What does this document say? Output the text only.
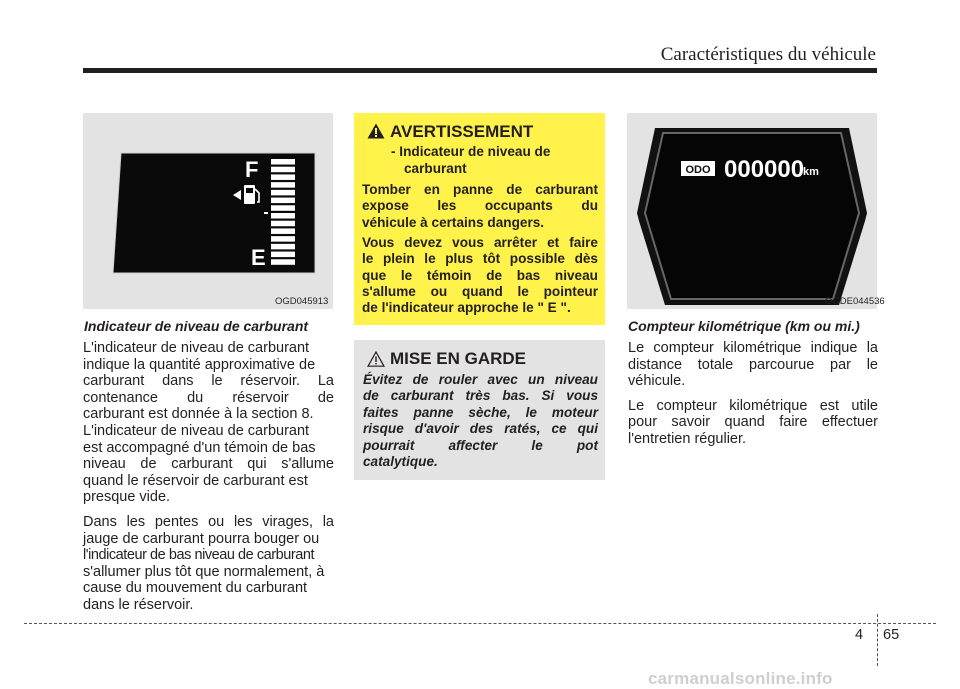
Caractéristiques du véhicule
F
E
OGD045913
Indicateur de niveau de carburant

L'indicateur de niveau de carburant

indique la quantité approximative de

carburant dans le réservoir. La

contenance du réservoir de

carburant est donnée à la section 8.

L'indicateur de niveau de carburant

est accompagné d'un témoin de bas

niveau de carburant qui s'allume

quand le réservoir de carburant est

presque vide.

Dans les pentes ou les virages, la

jauge de carburant pourra bouger ou

l'indicateur de bas niveau de carburant

s'allumer plus tôt que normalement, à

cause du mouvement du carburant

dans le réservoir.

AVERTISSEMENT
- Indicateur de niveau de
carburant

Tomber en panne de carburant

expose les occupants du

véhicule à certains dangers.

Vous devez vous arrêter et faire

le plein le plus tôt possible dès

que le témoin de bas niveau

s'allume ou quand le pointeur

de l'indicateur approche le " E ".

MISE EN GARDE

Évitez de rouler avec un niveau

de carburant très bas. Si vous

faites panne sèche, le moteur

risque d'avoir des ratés, ce qui

pourrait affecter le pot

catalytique.

ODO 000000
km
OGDE044536
Compteur kilométrique (km ou mi.)

Le compteur kilométrique indique la

distance totale parcourue par le

véhicule.

Le compteur kilométrique est utile

pour savoir quand faire effectuer

l'entretien régulier.

4 65
carmanualsonline.info
